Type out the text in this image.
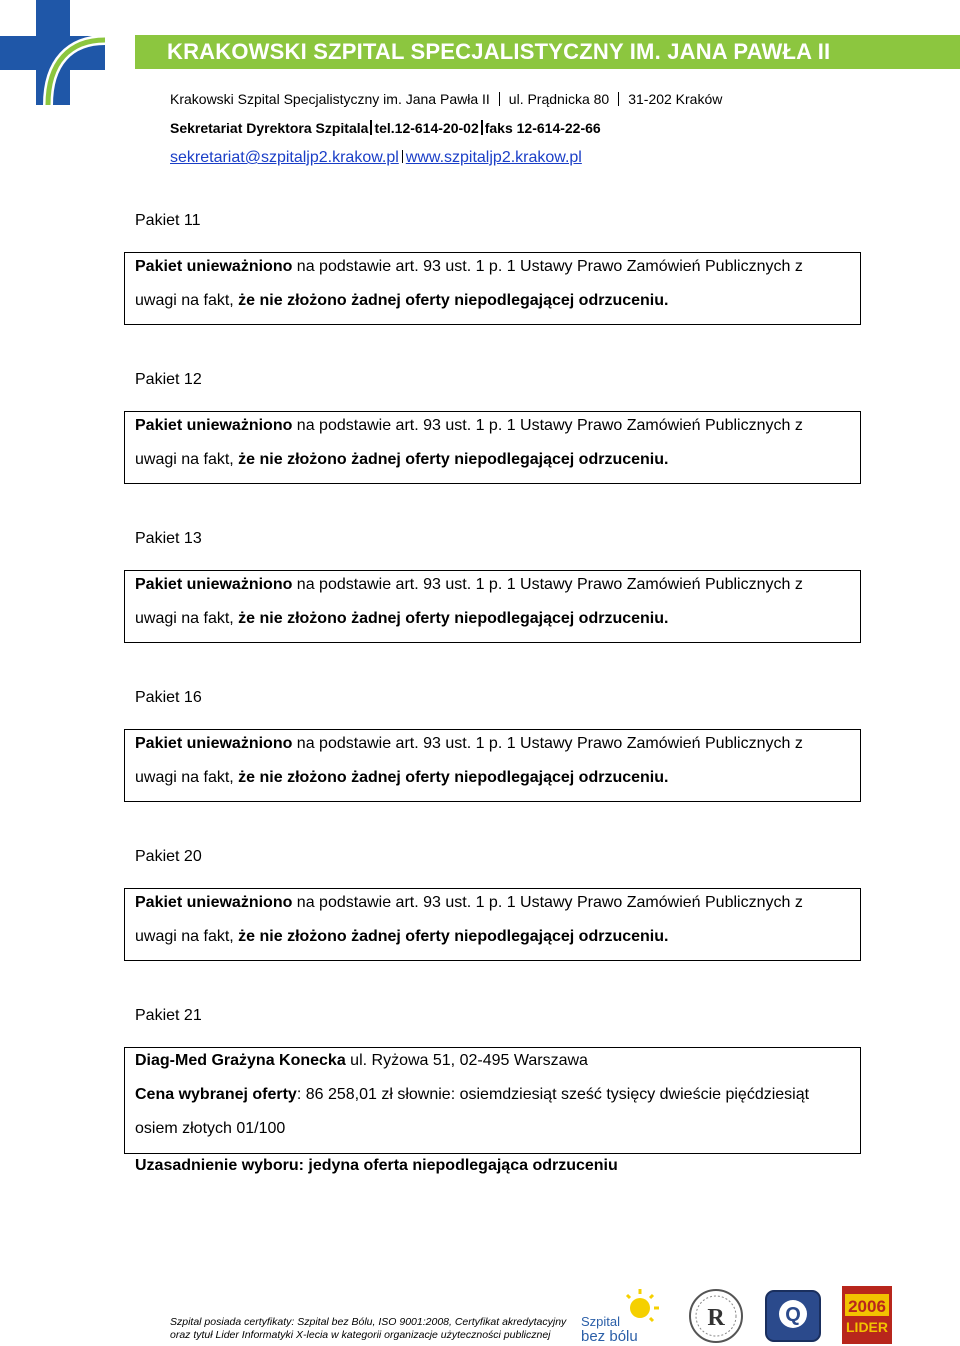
KRAKOWSKI SZPITAL SPECJALISTYCZNY IM. JANA PAWŁA II
Krakowski Szpital Specjalistyczny im. Jana Pawła II ul. Prądnicka 80 31-202 Kraków
Sekretariat Dyrektora Szpitala tel.12-614-20-02 faks 12-614-22-66
sekretariat@szpitaljp2.krakow.pl www.szpitaljp2.krakow.pl
Pakiet 11
Pakiet unieważniono na podstawie art. 93 ust. 1 p. 1 Ustawy Prawo Zamówień Publicznych z
uwagi na fakt, że nie złożono żadnej oferty niepodlegającej odrzuceniu.
Pakiet 12
Pakiet unieważniono na podstawie art. 93 ust. 1 p. 1 Ustawy Prawo Zamówień Publicznych z
uwagi na fakt, że nie złożono żadnej oferty niepodlegającej odrzuceniu.
Pakiet 13
Pakiet unieważniono na podstawie art. 93 ust. 1 p. 1 Ustawy Prawo Zamówień Publicznych z
uwagi na fakt, że nie złożono żadnej oferty niepodlegającej odrzuceniu.
Pakiet 16
Pakiet unieważniono na podstawie art. 93 ust. 1 p. 1 Ustawy Prawo Zamówień Publicznych z
uwagi na fakt, że nie złożono żadnej oferty niepodlegającej odrzuceniu.
Pakiet 20
Pakiet unieważniono na podstawie art. 93 ust. 1 p. 1 Ustawy Prawo Zamówień Publicznych z
uwagi na fakt, że nie złożono żadnej oferty niepodlegającej odrzuceniu.
Pakiet 21
Diag-Med Grażyna Konecka ul. Ryżowa 51, 02-495 Warszawa
Cena wybranej oferty: 86 258,01 zł słownie: osiemdziesiąt sześć tysięcy dwieście pięćdziesiąt
osiem złotych 01/100
Uzasadnienie wyboru: jedyna oferta niepodlegająca odrzuceniu
Szpital posiada certyfikaty: Szpital bez Bólu, ISO 9001:2008, Certyfikat akredytacyjny
oraz tytuł Lider Informatyki X-lecia w kategorii organizacje użyteczności publicznej
Szpital
bez bólu
R	Q	2006
LIDER
